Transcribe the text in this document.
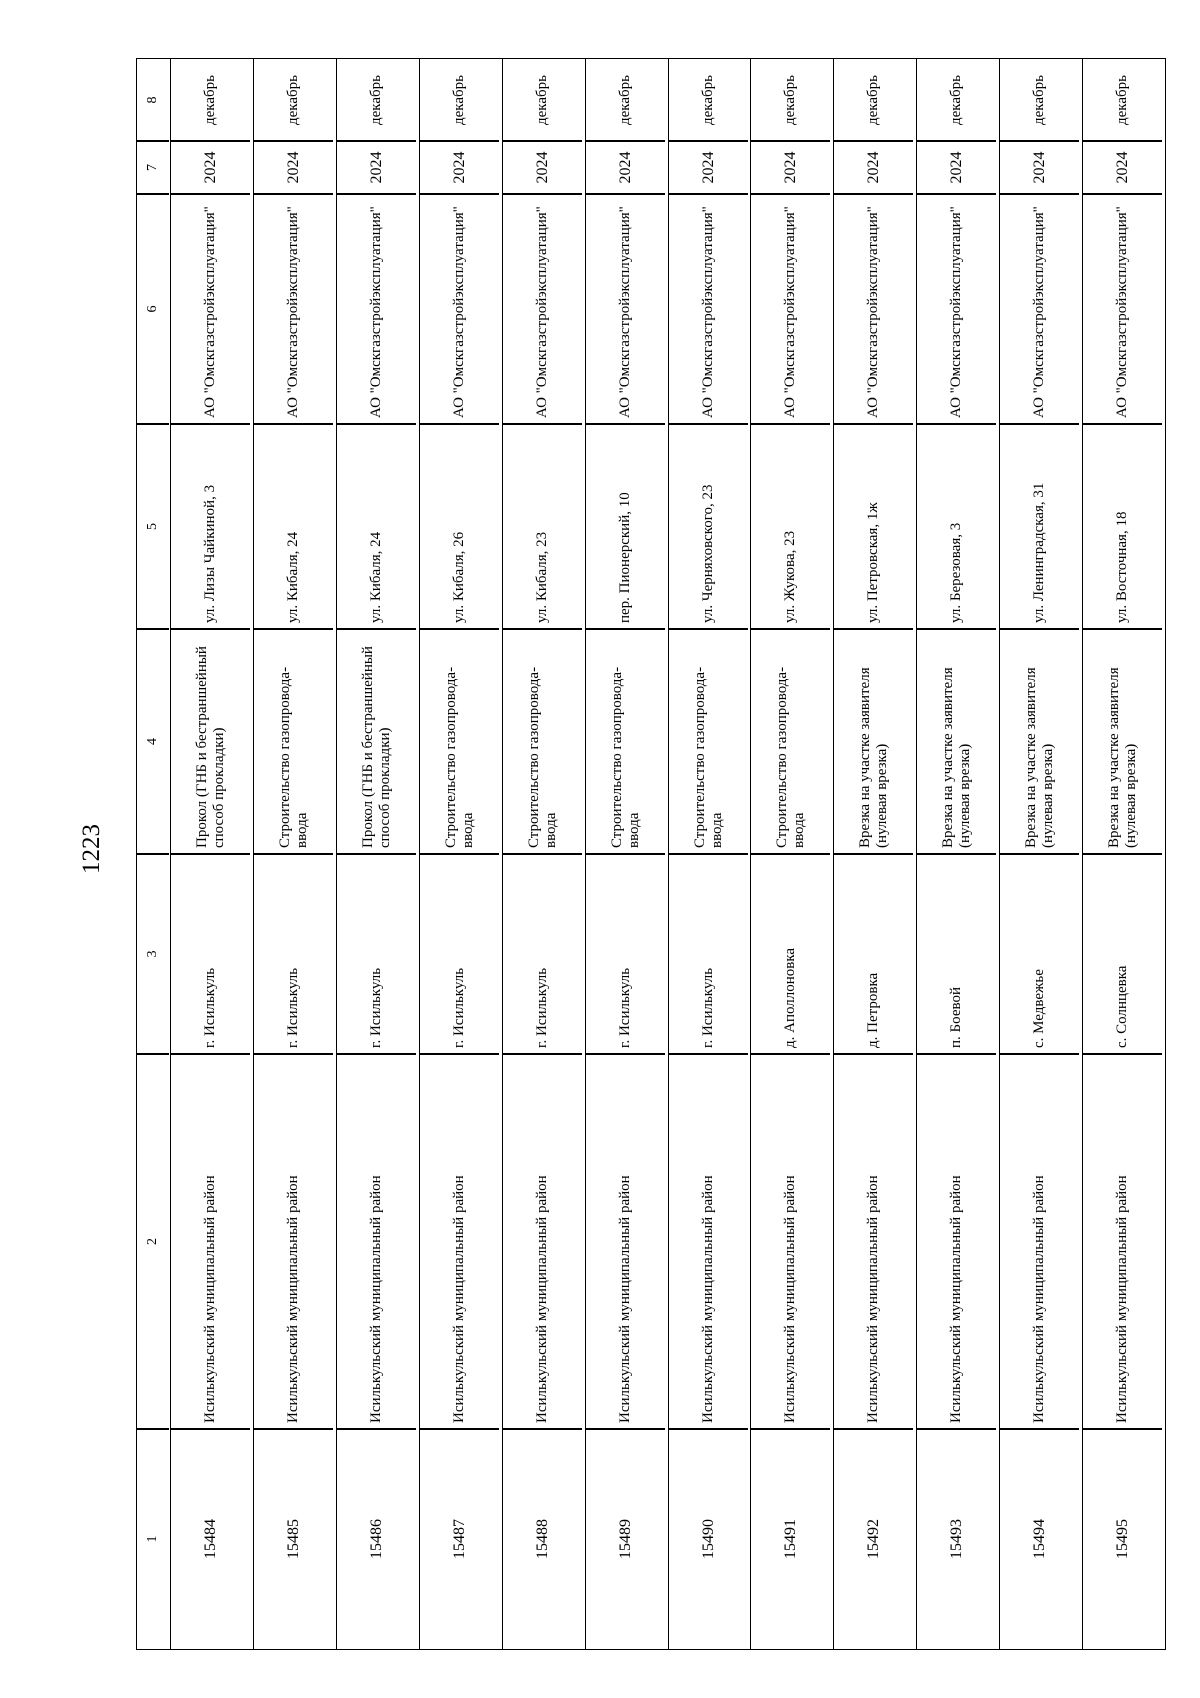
1223
1
2
3
4
5
6
7
8

15484
Исилькульский муниципальный район
г. Исилькуль
Прокол (ГНБ и бестраншейный способ прокладки)
ул. Лизы Чайкиной, 3
АО "Омскгазстройэксплуатация"
2024
декабрь

15485
Исилькульский муниципальный район
г. Исилькуль
Строительство газопровода-ввода
ул. Кибаля, 24
АО "Омскгазстройэксплуатация"
2024
декабрь

15486
Исилькульский муниципальный район
г. Исилькуль
Прокол (ГНБ и бестраншейный способ прокладки)
ул. Кибаля, 24
АО "Омскгазстройэксплуатация"
2024
декабрь

15487
Исилькульский муниципальный район
г. Исилькуль
Строительство газопровода-ввода
ул. Кибаля, 26
АО "Омскгазстройэксплуатация"
2024
декабрь

15488
Исилькульский муниципальный район
г. Исилькуль
Строительство газопровода-ввода
ул. Кибаля, 23
АО "Омскгазстройэксплуатация"
2024
декабрь

15489
Исилькульский муниципальный район
г. Исилькуль
Строительство газопровода-ввода
пер. Пионерский, 10
АО "Омскгазстройэксплуатация"
2024
декабрь

15490
Исилькульский муниципальный район
г. Исилькуль
Строительство газопровода-ввода
ул. Черняховского, 23
АО "Омскгазстройэксплуатация"
2024
декабрь

15491
Исилькульский муниципальный район
д. Аполлоновка
Строительство газопровода-ввода
ул. Жукова, 23
АО "Омскгазстройэксплуатация"
2024
декабрь

15492
Исилькульский муниципальный район
д. Петровка
Врезка на участке заявителя (нулевая врезка)
ул. Петровская, 1ж
АО "Омскгазстройэксплуатация"
2024
декабрь

15493
Исилькульский муниципальный район
п. Боевой
Врезка на участке заявителя (нулевая врезка)
ул. Березовая, 3
АО "Омскгазстройэксплуатация"
2024
декабрь

15494
Исилькульский муниципальный район
с. Медвежье
Врезка на участке заявителя (нулевая врезка)
ул. Ленинградская, 31
АО "Омскгазстройэксплуатация"
2024
декабрь

15495
Исилькульский муниципальный район
с. Солнцевка
Врезка на участке заявителя (нулевая врезка)
ул. Восточная, 18
АО "Омскгазстройэксплуатация"
2024
декабрь
